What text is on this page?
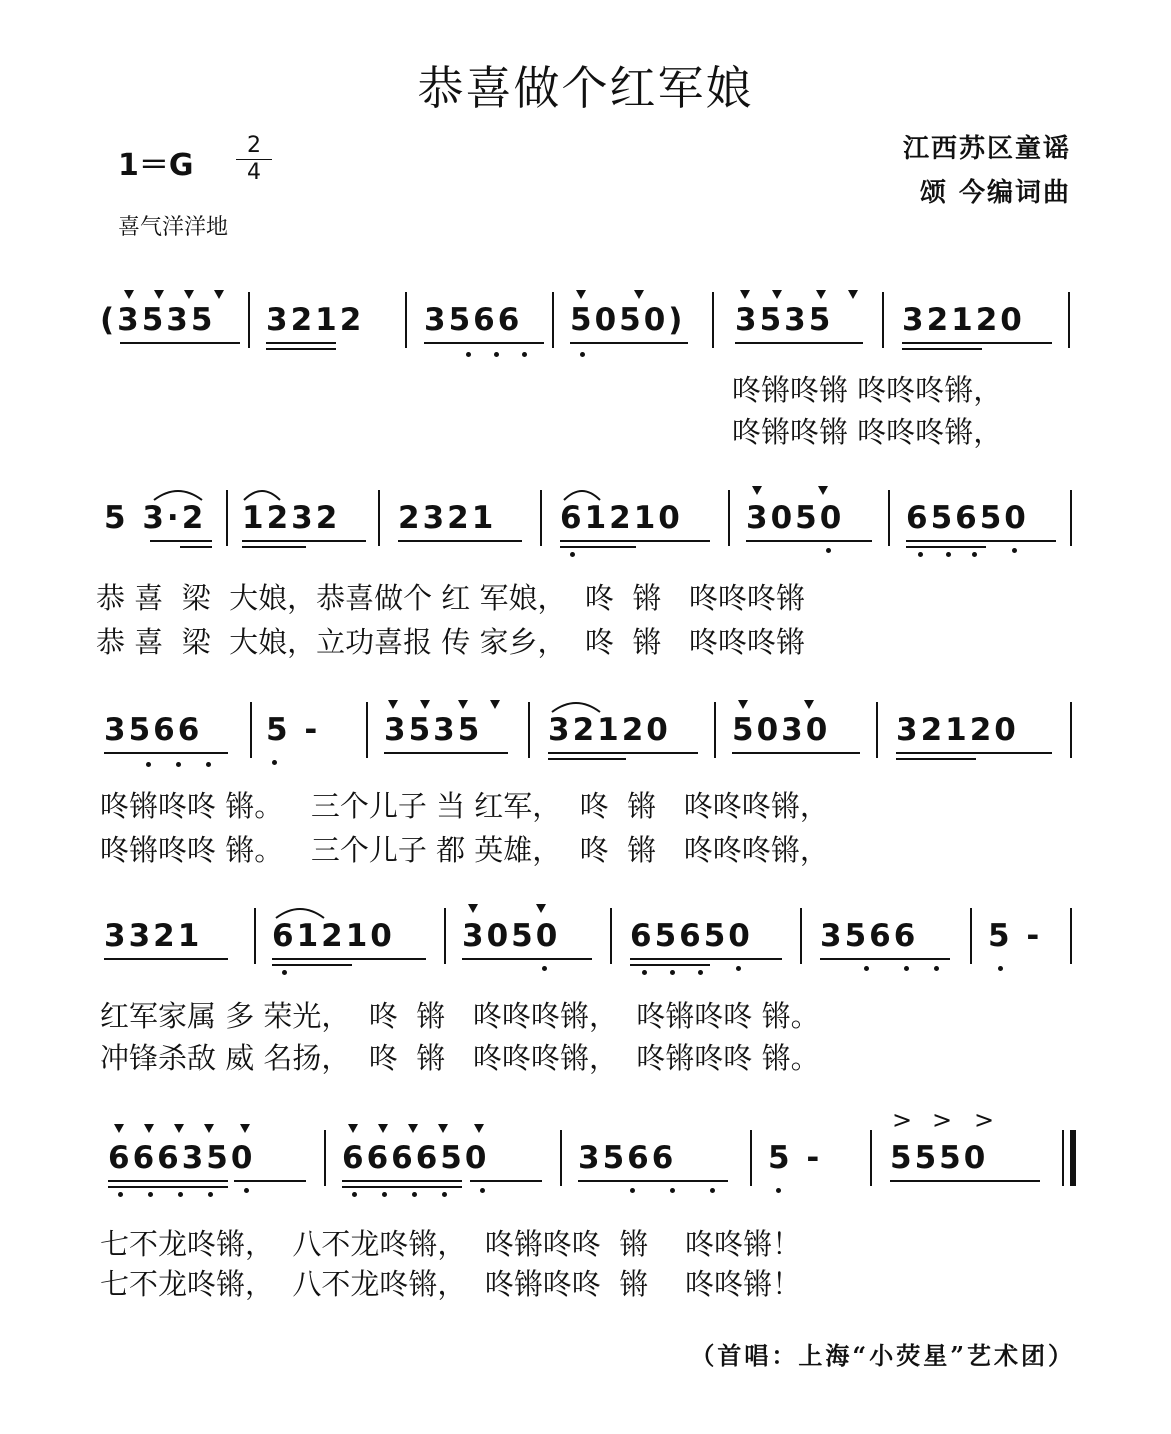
恭喜做个红军娘
1＝G
2
4
喜气洋洋地
江西苏区童谣
颂 今编词曲
(3535 3212 3566 5050) 3535 32120
咚锵咚锵 咚咚咚锵，
咚锵咚锵 咚咚咚锵，
5 3·2 1232 2321 61210 3050 65650
恭 喜  梁  大娘，恭喜做个 红 军娘，  咚  锵   咚咚咚锵
恭 喜  梁  大娘，立功喜报 传 家乡，  咚  锵   咚咚咚锵
3566 5 - 3535 32120 5030 32120
咚锵咚咚 锵。   三个儿子 当 红军，  咚  锵   咚咚咚锵，
咚锵咚咚 锵。   三个儿子 都 英雄，  咚  锵   咚咚咚锵，
3321 61210 3050 65650 3566 5 -
红军家属 多 荣光，  咚  锵   咚咚咚锵，  咚锵咚咚 锵。
冲锋杀敌 威 名扬，  咚  锵   咚咚咚锵，  咚锵咚咚 锵。
666350	666650	3566	5 - 5550
> > >
七不龙咚锵，  八不龙咚锵，  咚锵咚咚  锵    咚咚锵！
七不龙咚锵，  八不龙咚锵，  咚锵咚咚  锵    咚咚锵！
（首唱：上海“小荧星”艺术团）
